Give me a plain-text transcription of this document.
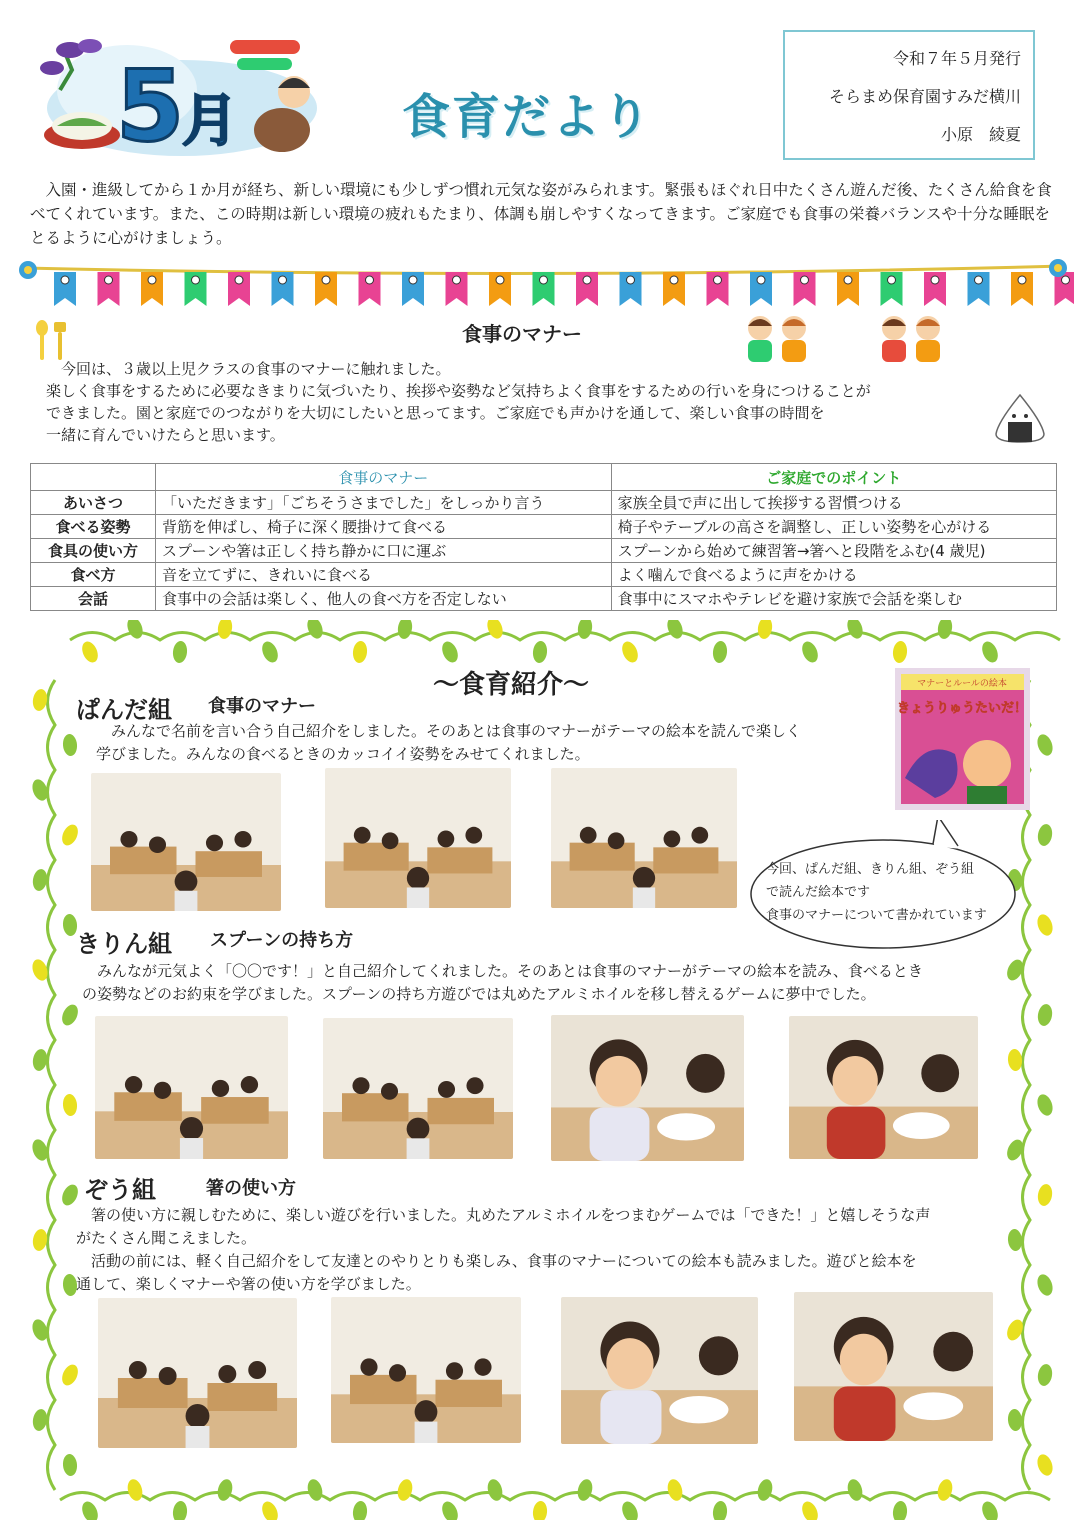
5
月	食育だより
令和７年５月発行
そらまめ保育園すみだ横川
小原　綾夏
入園・進級してから１か月が経ち、新しい環境にも少しずつ慣れ元気な姿がみられます。緊張もほぐれ日中たくさん遊んだ後、たくさん給食を食べてくれています。また、この時期は新しい環境の疲れもたまり、体調も崩しやすくなってきます。ご家庭でも食事の栄養バランスや十分な睡眠をとるように心がけましょう。
食事のマナー
　今回は、３歳以上児クラスの食事のマナーに触れました。
楽しく食事をするために必要なきまりに気づいたり、挨拶や姿勢など気持ちよく食事をするための行いを身につけることが
できました。園と家庭でのつながりを大切にしたいと思ってます。ご家庭でも声かけを通して、楽しい食事の時間を
一緒に育んでいけたらと思います。
	食事のマナー	ご家庭でのポイント
あいさつ	「いただきます」「ごちそうさまでした」をしっかり言う	家族全員で声に出して挨拶する習慣つける
食べる姿勢	背筋を伸ばし、椅子に深く腰掛けて食べる	椅子やテーブルの高さを調整し、正しい姿勢を心がける
食具の使い方	スプーンや箸は正しく持ち静かに口に運ぶ	スプーンから始めて練習箸→箸へと段階をふむ(4 歳児)
食べ方	音を立てずに、きれいに食べる	よく噛んで食べるように声をかける
会話	食事中の会話は楽しく、他人の食べ方を否定しない	食事中にスマホやテレビを避け家族で会話を楽しむ
～食育紹介～	マナーとルールの絵本
きょうりゅうたいだ！
今回、ぱんだ組、きりん組、ぞう組
で読んだ絵本です
食事のマナーについて書かれています
ぱんだ組 食事のマナー
　みんなで名前を言い合う自己紹介をしました。そのあとは食事のマナーがテーマの絵本を読んで楽しく
学びました。みんなの食べるときのカッコイイ姿勢をみせてくれました。
きりん組 スプーンの持ち方
　みんなが元気よく「〇〇です！」と自己紹介してくれました。そのあとは食事のマナーがテーマの絵本を読み、食べるとき
の姿勢などのお約束を学びました。スプーンの持ち方遊びでは丸めたアルミホイルを移し替えるゲームに夢中でした。
ぞう組	箸の使い方
　箸の使い方に親しむために、楽しい遊びを行いました。丸めたアルミホイルをつまむゲームでは「できた！」と嬉しそうな声
がたくさん聞こえました。
　活動の前には、軽く自己紹介をして友達とのやりとりも楽しみ、食事のマナーについての絵本も読みました。遊びと絵本を
通して、楽しくマナーや箸の使い方を学びました。
